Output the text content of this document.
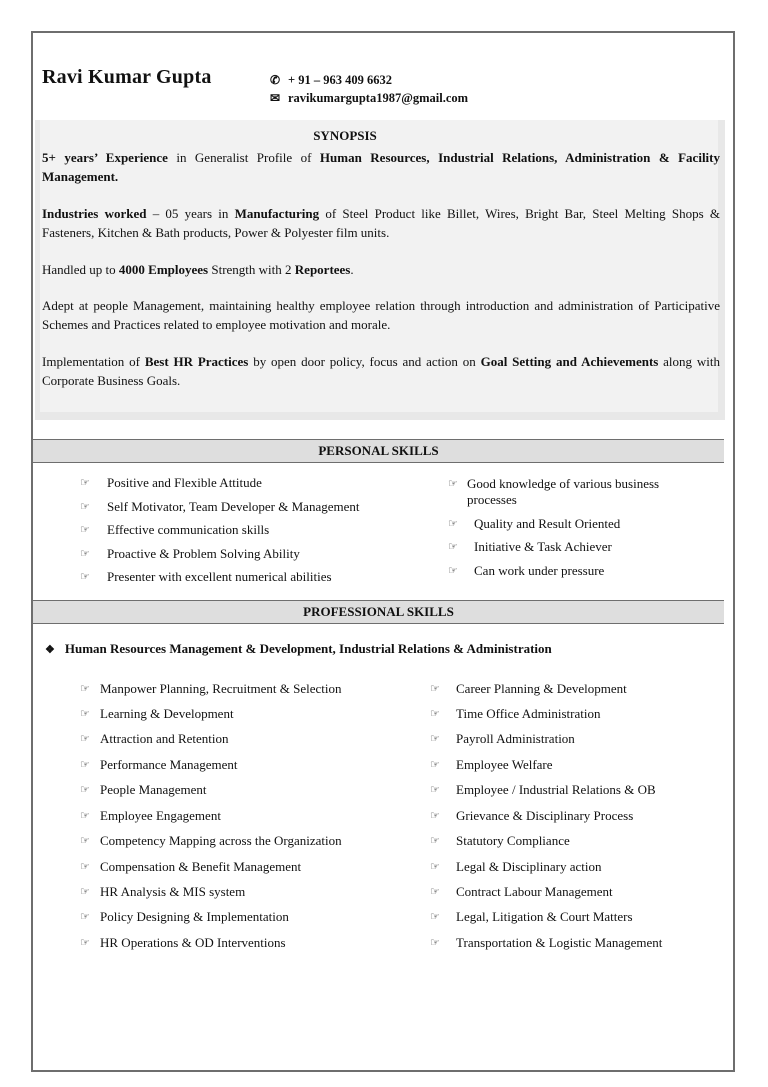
Ravi Kumar Gupta	✆ + 91 – 963 409 6632
✉ ravikumargupta1987@gmail.com
SYNOPSIS
5+ years’ Experience in Generalist Profile of Human Resources, Industrial Relations, Administration & Facility Management.
Industries worked – 05 years in Manufacturing of Steel Product like Billet, Wires, Bright Bar, Steel Melting Shops & Fasteners, Kitchen & Bath products, Power & Polyester film units.
Handled up to 4000 Employees Strength with 2 Reportees.
Adept at people Management, maintaining healthy employee relation through introduction and administration of Participative Schemes and Practices related to employee motivation and morale.
Implementation of Best HR Practices by open door policy, focus and action on Goal Setting and Achievements along with Corporate Business Goals.
PERSONAL SKILLS
☞ Positive and Flexible Attitude
☞ Self Motivator, Team Developer & Management
☞ Effective communication skills
☞ Proactive & Problem Solving Ability
☞ Presenter with excellent numerical abilities
☞ Good knowledge of various business processes
☞ Quality and Result Oriented
☞ Initiative & Task Achiever
☞ Can work under pressure
PROFESSIONAL SKILLS
❖ Human Resources Management & Development, Industrial Relations & Administration
☞ Manpower Planning, Recruitment & Selection
☞ Learning & Development
☞ Attraction and Retention
☞ Performance Management
☞ People Management
☞ Employee Engagement
☞ Competency Mapping across the Organization
☞ Compensation & Benefit Management
☞ HR Analysis & MIS system
☞ Policy Designing & Implementation
☞ HR Operations & OD Interventions
☞ Career Planning & Development
☞ Time Office Administration
☞ Payroll Administration
☞ Employee Welfare
☞ Employee / Industrial Relations & OB
☞ Grievance & Disciplinary Process
☞ Statutory Compliance
☞ Legal & Disciplinary action
☞ Contract Labour Management
☞ Legal, Litigation & Court Matters
☞ Transportation & Logistic Management
